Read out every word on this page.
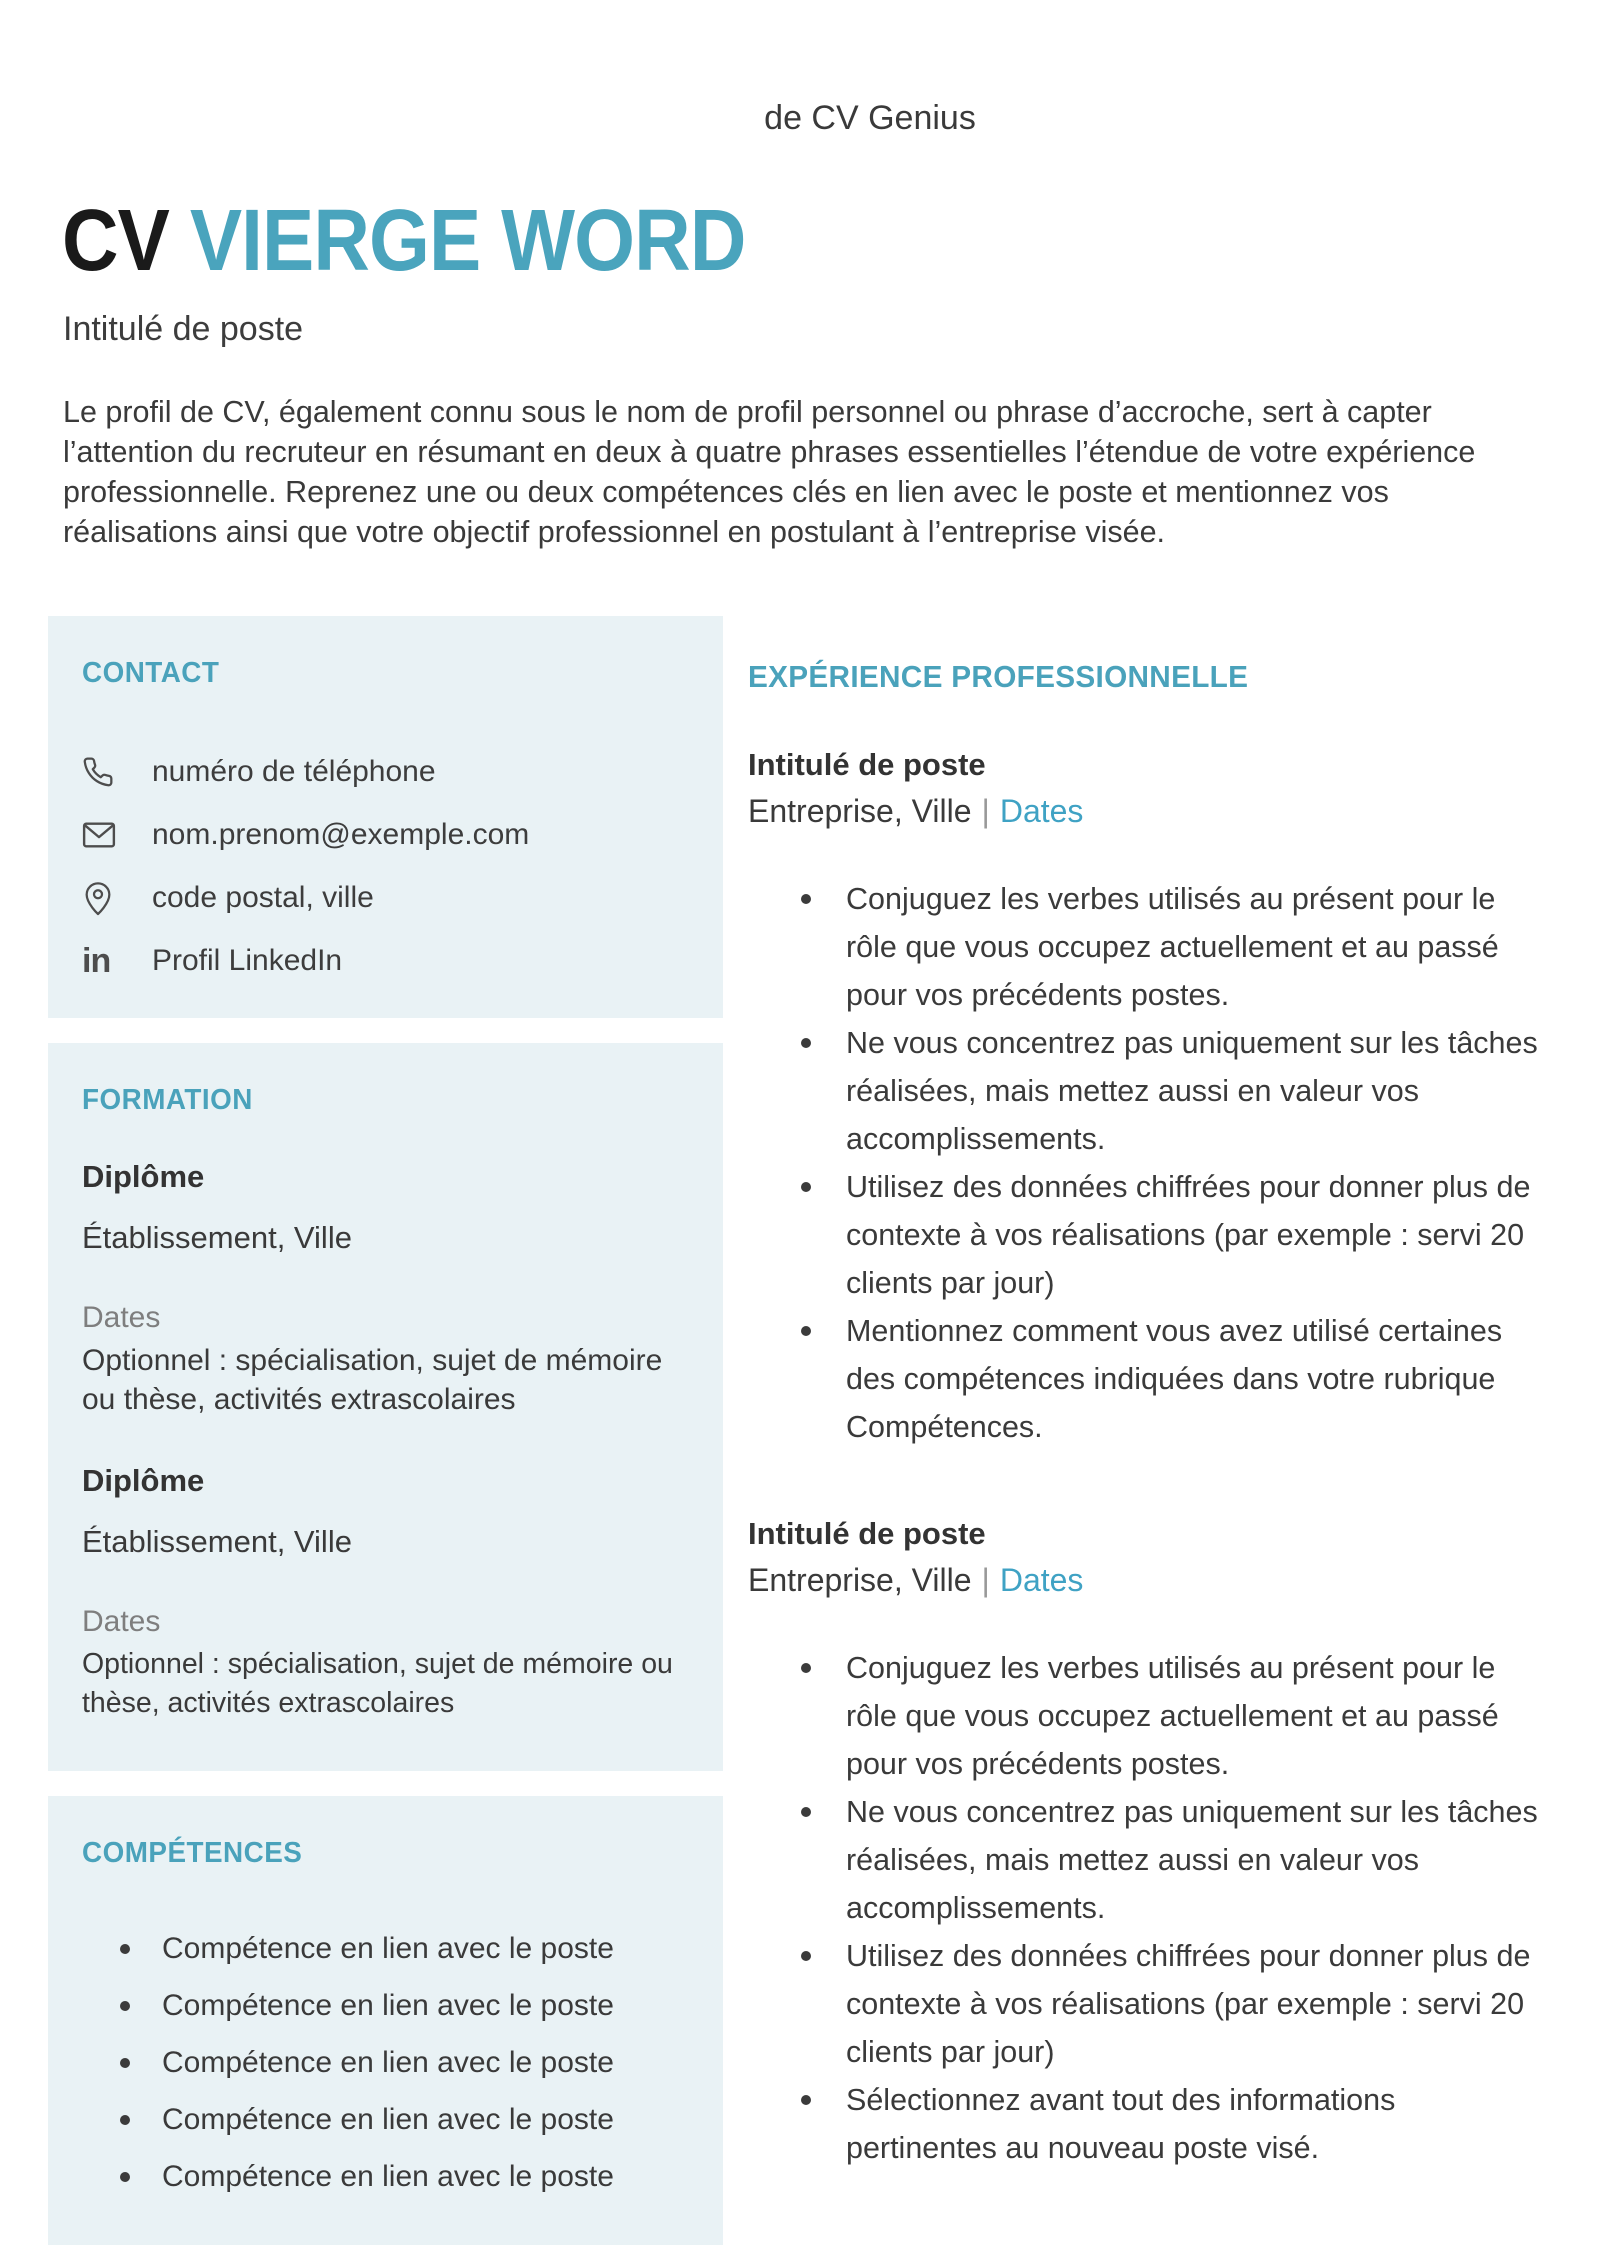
de CV Genius
CV VIERGE WORD
Intitulé de poste

Le profil de CV, également connu sous le nom de profil personnel ou phrase d’accroche, sert à capter l’attention du recruteur en résumant en deux à quatre phrases essentielles l’étendue de votre expérience professionnelle. Reprenez une ou deux compétences clés en lien avec le poste et mentionnez vos réalisations ainsi que votre objectif professionnel en postulant à l’entreprise visée.

CONTACT
numéro de téléphone
nom.prenom@exemple.com
code postal, ville
in Profil LinkedIn
FORMATION
Diplôme
Établissement, Ville
Dates
Optionnel : spécialisation, sujet de mémoire ou thèse, activités extrascolaires
Diplôme
Établissement, Ville
Dates
Optionnel : spécialisation, sujet de mémoire ou thèse, activités extrascolaires
COMPÉTENCES
Compétence en lien avec le poste
Compétence en lien avec le poste
Compétence en lien avec le poste
Compétence en lien avec le poste
Compétence en lien avec le poste
EXPÉRIENCE PROFESSIONNELLE
Intitulé de poste
Entreprise, Ville | Dates
Conjuguez les verbes utilisés au présent pour le rôle que vous occupez actuellement et au passé pour vos précédents postes.
Ne vous concentrez pas uniquement sur les tâches réalisées, mais mettez aussi en valeur vos accomplissements.
Utilisez des données chiffrées pour donner plus de contexte à vos réalisations (par exemple : servi 20 clients par jour)
Mentionnez comment vous avez utilisé certaines des compétences indiquées dans votre rubrique Compétences.
Intitulé de poste
Entreprise, Ville | Dates
Conjuguez les verbes utilisés au présent pour le rôle que vous occupez actuellement et au passé pour vos précédents postes.
Ne vous concentrez pas uniquement sur les tâches réalisées, mais mettez aussi en valeur vos accomplissements.
Utilisez des données chiffrées pour donner plus de contexte à vos réalisations (par exemple : servi 20 clients par jour)
Sélectionnez avant tout des informations pertinentes au nouveau poste visé.
